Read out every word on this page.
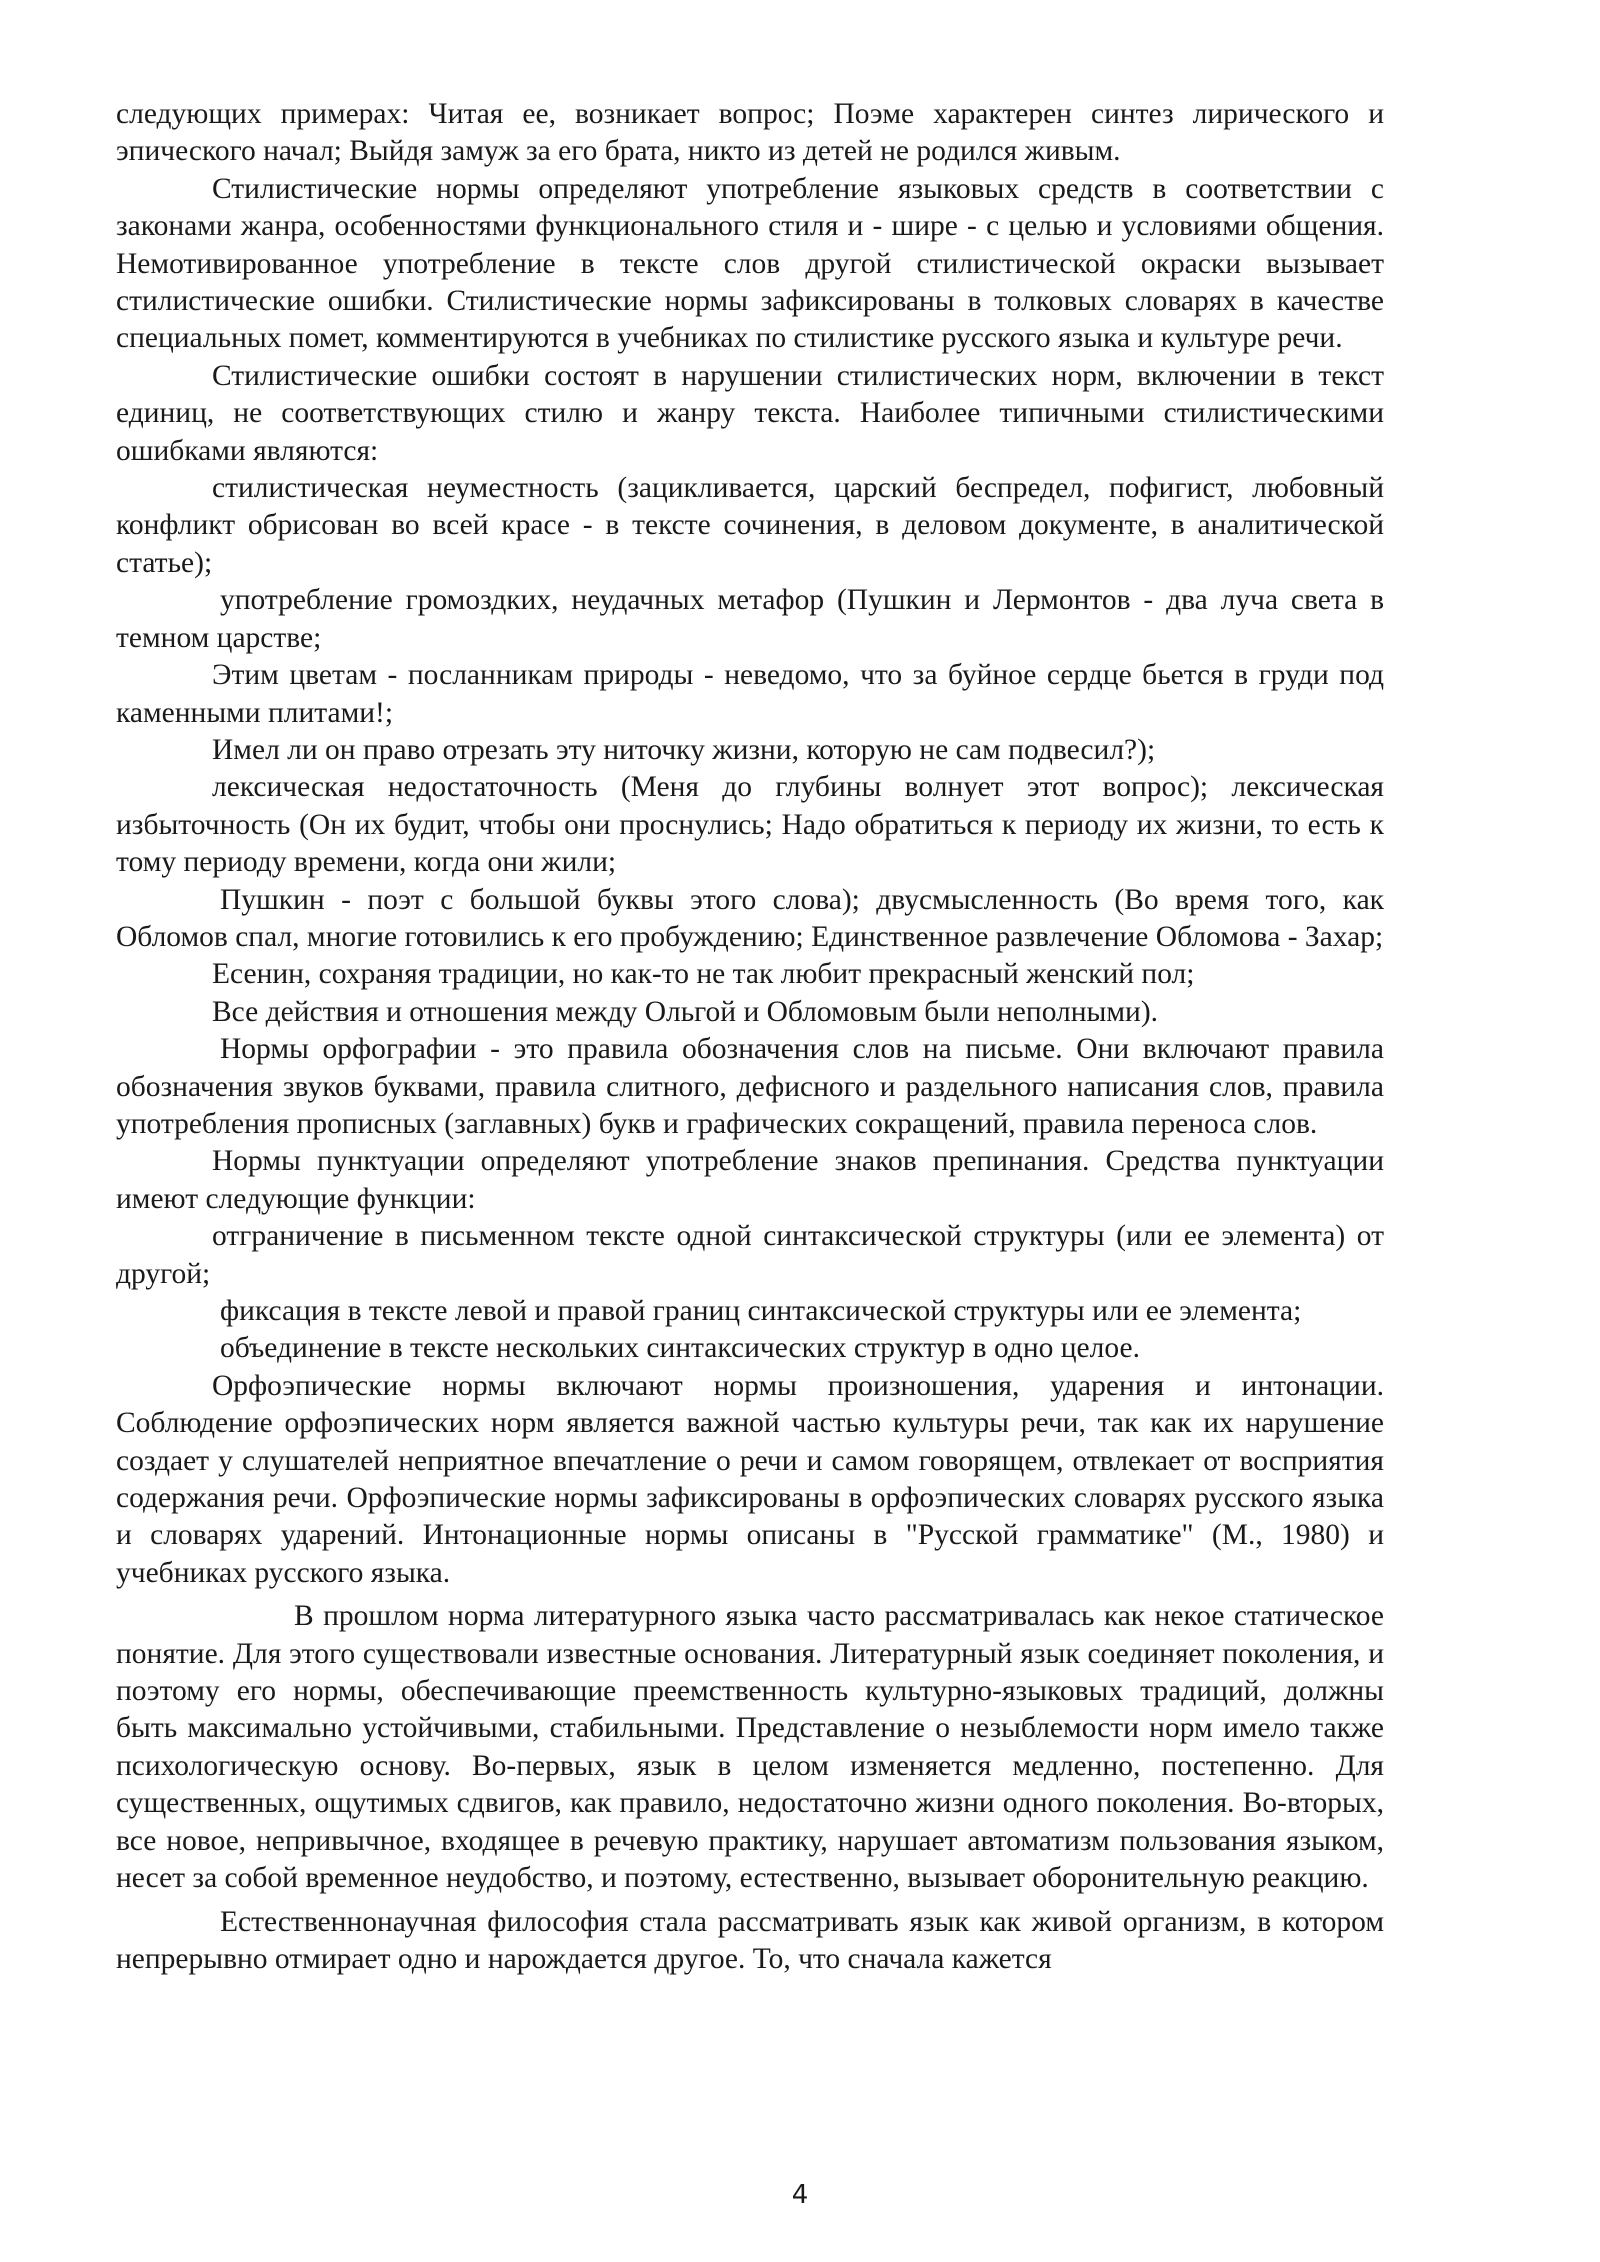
следующих примерах: Читая ее, возникает вопрос; Поэме характерен синтез лирического и эпического начал; Выйдя замуж за его брата, никто из детей не родился живым.

Стилистические нормы определяют употребление языковых средств в соответствии с законами жанра, особенностями функционального стиля и - шире - с целью и условиями общения. Немотивированное употребление в тексте слов другой стилистической окраски вызывает стилистические ошибки. Стилистические нормы зафиксированы в толковых словарях в качестве специальных помет, комментируются в учебниках по стилистике русского языка и культуре речи.

Стилистические ошибки состоят в нарушении стилистических норм, включении в текст единиц, не соответствующих стилю и жанру текста. Наиболее типичными стилистическими ошибками являются:

стилистическая неуместность (зацикливается, царский беспредел, пофигист, любовный конфликт обрисован во всей красе - в тексте сочинения, в деловом документе, в аналитической статье);

употребление громоздких, неудачных метафор (Пушкин и Лермонтов - два луча света в темном царстве;

Этим цветам - посланникам природы - неведомо, что за буйное сердце бьется в груди под каменными плитами!;

Имел ли он право отрезать эту ниточку жизни, которую не сам подвесил?);

лексическая недостаточность (Меня до глубины волнует этот вопрос); лексическая избыточность (Он их будит, чтобы они проснулись; Надо обратиться к периоду их жизни, то есть к тому периоду времени, когда они жили;

Пушкин - поэт с большой буквы этого слова); двусмысленность (Во время того, как Обломов спал, многие готовились к его пробуждению; Единственное развлечение Обломова - Захар;

Есенин, сохраняя традиции, но как-то не так любит прекрасный женский пол;

Все действия и отношения между Ольгой и Обломовым были неполными).

Нормы орфографии - это правила обозначения слов на письме. Они включают правила обозначения звуков буквами, правила слитного, дефисного и раздельного написания слов, правила употребления прописных (заглавных) букв и графических сокращений, правила переноса слов.

Нормы пунктуации определяют употребление знаков препинания. Средства пунктуации имеют следующие функции:

отграничение в письменном тексте одной синтаксической структуры (или ее элемента) от другой;

фиксация в тексте левой и правой границ синтаксической структуры или ее элемента;

объединение в тексте нескольких синтаксических структур в одно целое.

Орфоэпические нормы включают нормы произношения, ударения и интонации. Соблюдение орфоэпических норм является важной частью культуры речи, так как их нарушение создает у слушателей неприятное впечатление о речи и самом говорящем, отвлекает от восприятия содержания речи. Орфоэпические нормы зафиксированы в орфоэпических словарях русского языка и словарях ударений. Интонационные нормы описаны в "Русской грамматике" (М., 1980) и учебниках русского языка.

В прошлом норма литературного языка часто рассматривалась как некое статическое понятие. Для этого существовали известные основания. Литературный язык соединяет поколения, и поэтому его нормы, обеспечивающие преемственность культурно-языковых традиций, должны быть максимально устойчивыми, стабильными. Представление о незыблемости норм имело также психологическую основу. Во-первых, язык в целом изменяется медленно, постепенно. Для существенных, ощутимых сдвигов, как правило, недостаточно жизни одного поколения. Во-вторых, все новое, непривычное, входящее в речевую практику, нарушает автоматизм пользования языком, несет за собой временное неудобство, и поэтому, естественно, вызывает оборонительную реакцию.

Естественнонаучная философия стала рассматривать язык как живой организм, в котором непрерывно отмирает одно и нарождается другое. То, что сначала кажется

4
